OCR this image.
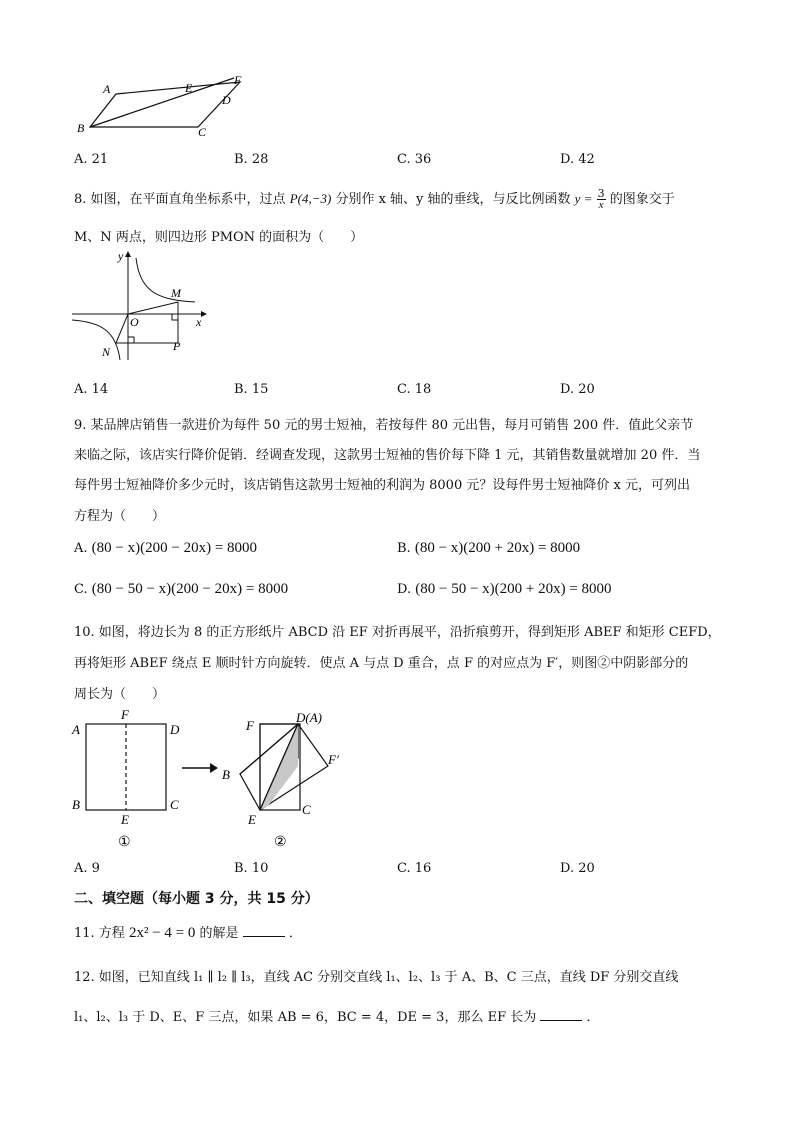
A	E
F
D
B	C
A. 21	B. 28	C. 36	D. 42
8. 如图，在平面直角坐标系中，过点 P(4,−3) 分别作 x 轴、y 轴的垂线，与反比例函数 $y = \frac{3}{x}$ 的图象交于
M、N 两点，则四边形 PMON 的面积为（　　）
y
M
O	x
N	P
A. 14	B. 15	C. 18	D. 20
9. 某品牌店销售一款进价为每件 50 元的男士短袖，若按每件 80 元出售，每月可销售 200 件．值此父亲节
来临之际，该店实行降价促销．经调查发现，这款男士短袖的售价每下降 1 元，其销售数量就增加 20 件．当
每件男士短袖降价多少元时，该店销售这款男士短袖的利润为 8000 元？设每件男士短袖降价 x 元，可列出
方程为（　　）
A. (80 − x)(200 − 20x) = 8000	B. (80 − x)(200 + 20x) = 8000
C. (80 − 50 − x)(200 − 20x) = 8000	D. (80 − 50 − x)(200 + 20x) = 8000
10. 如图，将边长为 8 的正方形纸片 ABCD 沿 EF 对折再展平，沿折痕剪开，得到矩形 ABEF 和矩形 CEFD，
再将矩形 ABEF 绕点 E 顺时针方向旋转．使点 A 与点 D 重合，点 F 的对应点为 F′，则图②中阴影部分的
周长为（　　）
A
F
D
B
E
C
①
F
D(A)
F′
B
E
C
②
A. 9	B. 10	C. 16	D. 20
二、填空题（每小题 3 分，共 15 分）
11. 方程 2x² − 4 = 0 的解是	．
12. 如图，已知直线 l₁ ∥ l₂ ∥ l₃，直线 AC 分别交直线 l₁、l₂、l₃ 于 A、B、C 三点，直线 DF 分别交直线
l₁、l₂、l₃ 于 D、E、F 三点，如果 AB = 6，BC = 4，DE = 3，那么 EF 长为	．
